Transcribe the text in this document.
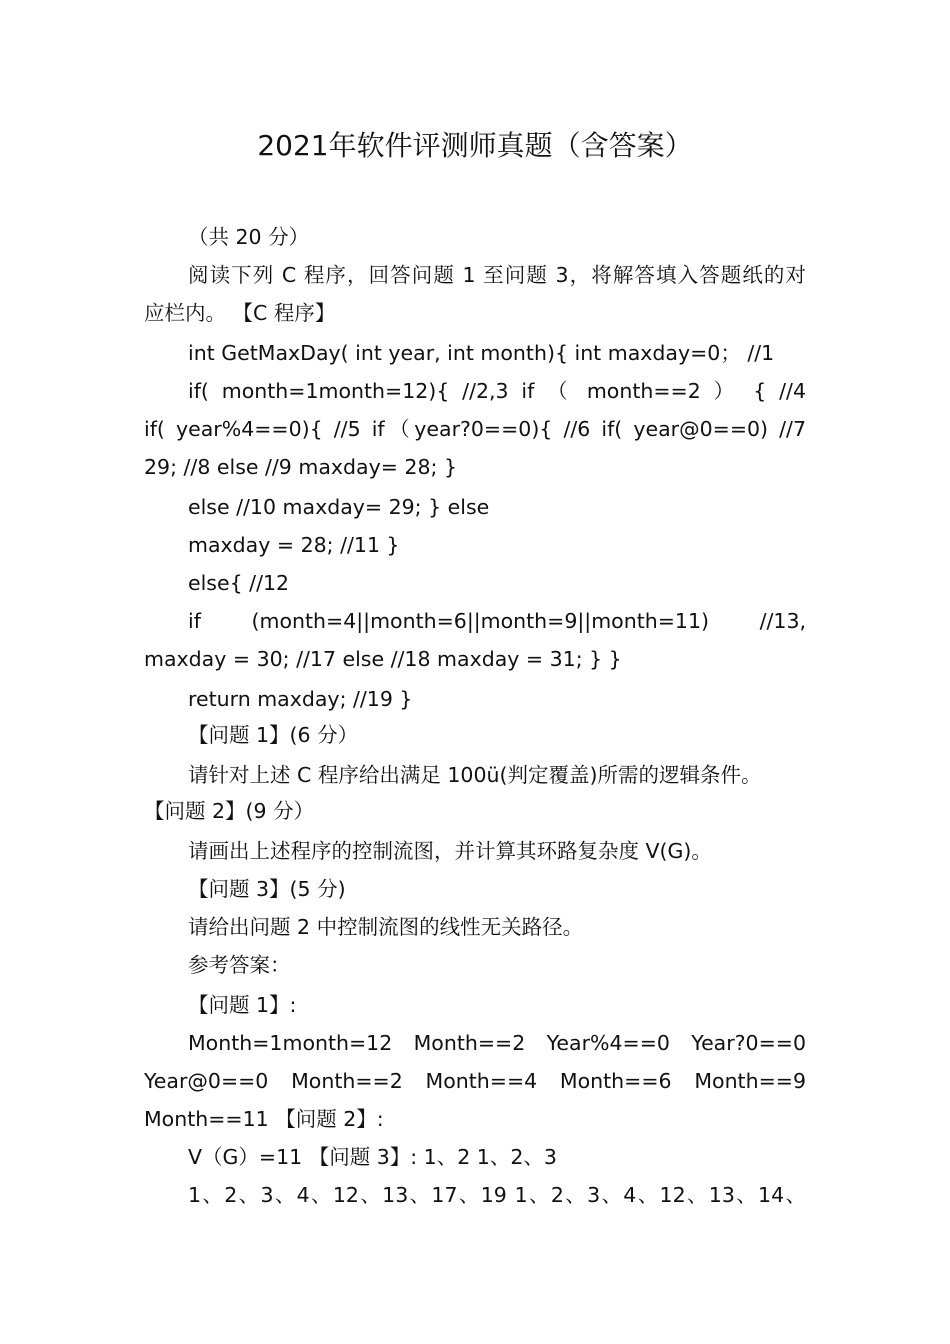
2021年软件评测师真题（含答案）
（共 20 分）
阅读下列 C 程序，回答问题 1 至问题 3，将解答填入答题纸的对
应栏内。 【C 程序】
int GetMaxDay( int year, int month){ int maxday=0； //1
if( month=1month=12){ //2,3 if （ month==2 ） { //4
if( year%4==0){ //5 if（year?0==0){ //6 if( year@0==0) //7
29; //8 else //9 maxday= 28; }
else //10 maxday= 29; } else
maxday = 28; //11 }
else{ //12
if (month=4||month=6||month=9||month=11) //13,
maxday = 30; //17 else //18 maxday = 31; } }
return maxday; //19 }
【问题 1】(6 分）
请针对上述 C 程序给出满足 100ü(判定覆盖)所需的逻辑条件。
【问题 2】(9 分）
请画出上述程序的控制流图，并计算其环路复杂度 V(G)。
【问题 3】(5 分)
请给出问题 2 中控制流图的线性无关路径。
参考答案：
【问题 1】:
Month=1month=12 Month==2 Year%4==0 Year?0==0
Year@0==0 Month==2 Month==4 Month==6 Month==9
Month==11 【问题 2】:
V（G）=11 【问题 3】: 1、2 1、2、3
1、2、3、4、12、13、17、19 1、2、3、4、12、13、14、
